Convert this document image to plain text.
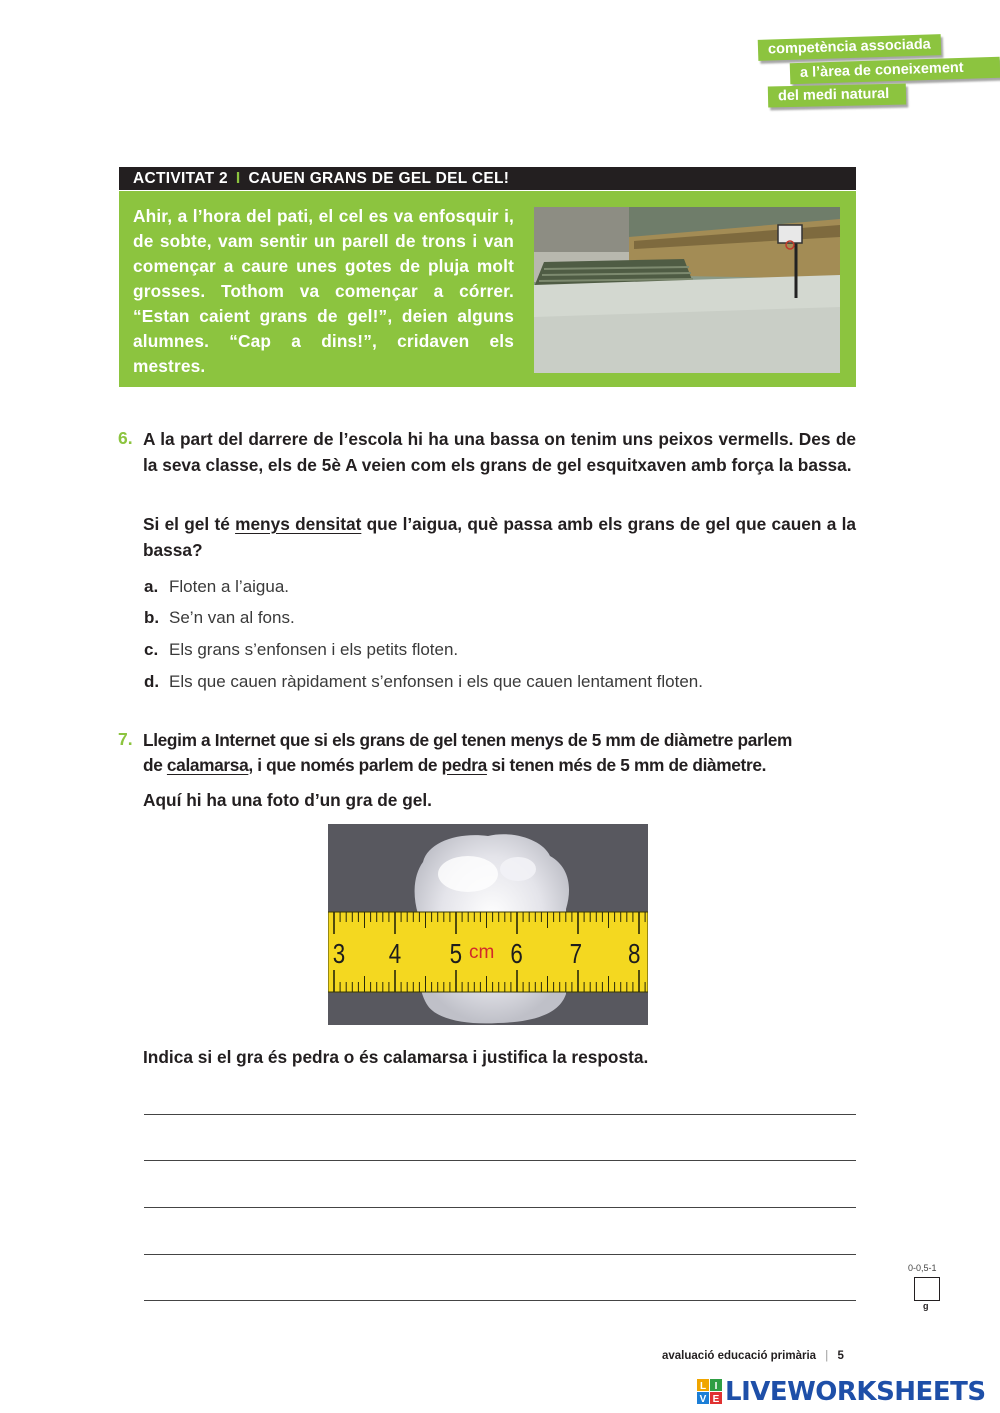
competència associada
a l’àrea de coneixement
del medi natural
ACTIVITAT 2 I CAUEN GRANS DE GEL DEL CEL!
Ahir, a l’hora del pati, el cel es va enfosquir i, de sobte, vam sentir un parell de trons i van començar a caure unes gotes de pluja molt grosses. Tothom va començar a córrer. “Estan caient grans de gel!”, deien alguns alumnes. “Cap a dins!”, cridaven els mestres.
6. A la part del darrere de l’escola hi ha una bassa on tenim uns peixos vermells. Des de la seva classe, els de 5è A veien com els grans de gel esquitxaven amb força la bassa.
Si el gel té menys densitat que l’aigua, què passa amb els grans de gel que cauen a la bassa?
a. Floten a l’aigua.
b. Se’n van al fons.
c. Els grans s’enfonsen i els petits floten.
d. Els que cauen ràpidament s’enfonsen i els que cauen lentament floten.
7. Llegim a Internet que si els grans de gel tenen menys de 5 mm de diàmetre parlem
de calamarsa, i que només parlem de pedra si tenen més de 5 mm de diàmetre.
Aquí hi ha una foto d’un gra de gel.
3 4 5 cm 6 7 8
Indica si el gra és pedra o és calamarsa i justifica la resposta.
0-0,5-1
g
avaluació educació primària | 5
L I
V E LIVEWORKSHEETS
